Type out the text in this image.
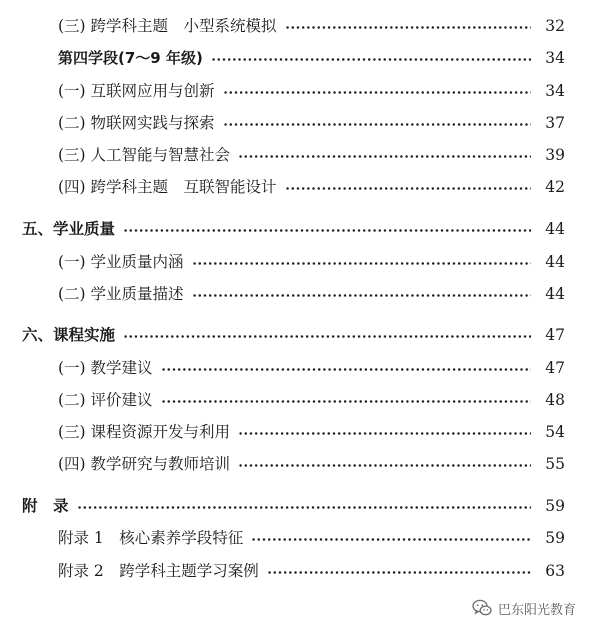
(三) 跨学科主题　小型系统模拟	32
第四学段(7～9 年级)	34
(一) 互联网应用与创新	34
(二) 物联网实践与探索	37
(三) 人工智能与智慧社会	39
(四) 跨学科主题　互联智能设计	42
五、学业质量	44
(一) 学业质量内涵	44
(二) 学业质量描述	44
六、课程实施	47
(一) 教学建议	47
(二) 评价建议	48
(三) 课程资源开发与利用	54
(四) 教学研究与教师培训	55
附　录	59
附录 1　核心素养学段特征	59
附录 2　跨学科主题学习案例	63
巴东阳光教育
